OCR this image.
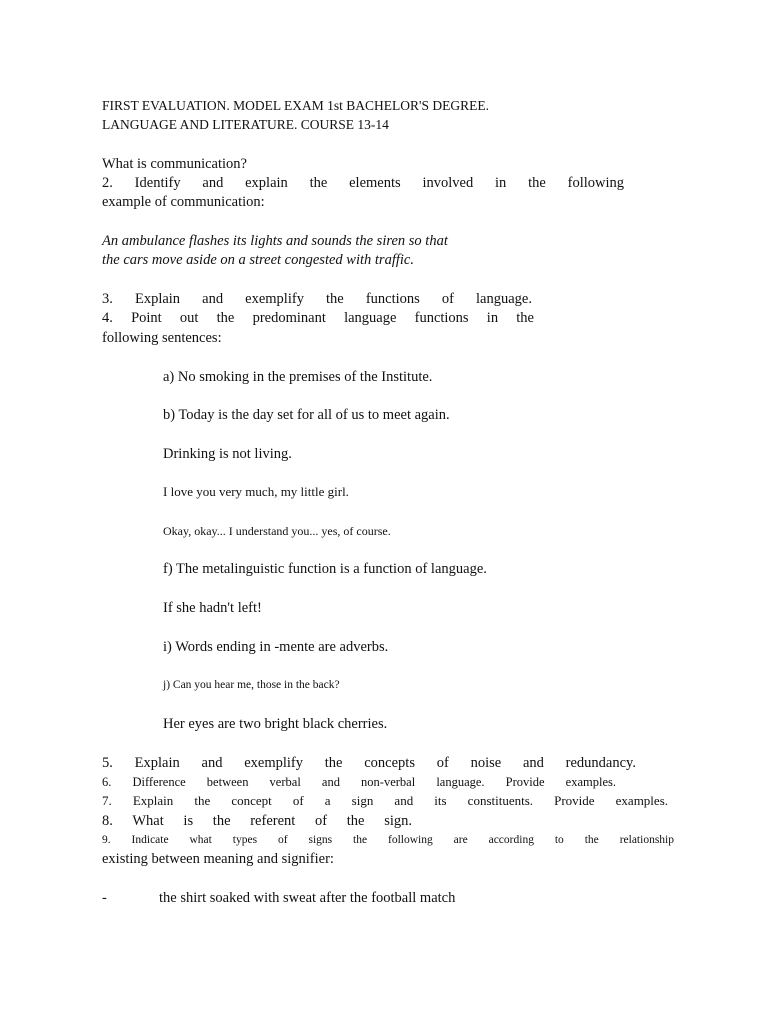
FIRST EVALUATION. MODEL EXAM 1st BACHELOR'S DEGREE.
LANGUAGE AND LITERATURE. COURSE 13-14
What is communication?
2. Identify and explain the elements involved in the following
example of communication:
An ambulance flashes its lights and sounds the siren so that
the cars move aside on a street congested with traffic.
3. Explain and exemplify the functions of language.
4. Point out the predominant language functions in the
following sentences:
a) No smoking in the premises of the Institute.
b) Today is the day set for all of us to meet again.
Drinking is not living.
I love you very much, my little girl.
Okay, okay... I understand you... yes, of course.
f) The metalinguistic function is a function of language.
If she hadn't left!
i) Words ending in -mente are adverbs.
j) Can you hear me, those in the back?
Her eyes are two bright black cherries.
5. Explain and exemplify the concepts of noise and redundancy.
6. Difference between verbal and non-verbal language. Provide examples.
7. Explain the concept of a sign and its constituents. Provide examples.
8. What is the referent of the sign.
9. Indicate what types of signs the following are according to the relationship
existing between meaning and signifier:
-	the shirt soaked with sweat after the football match
